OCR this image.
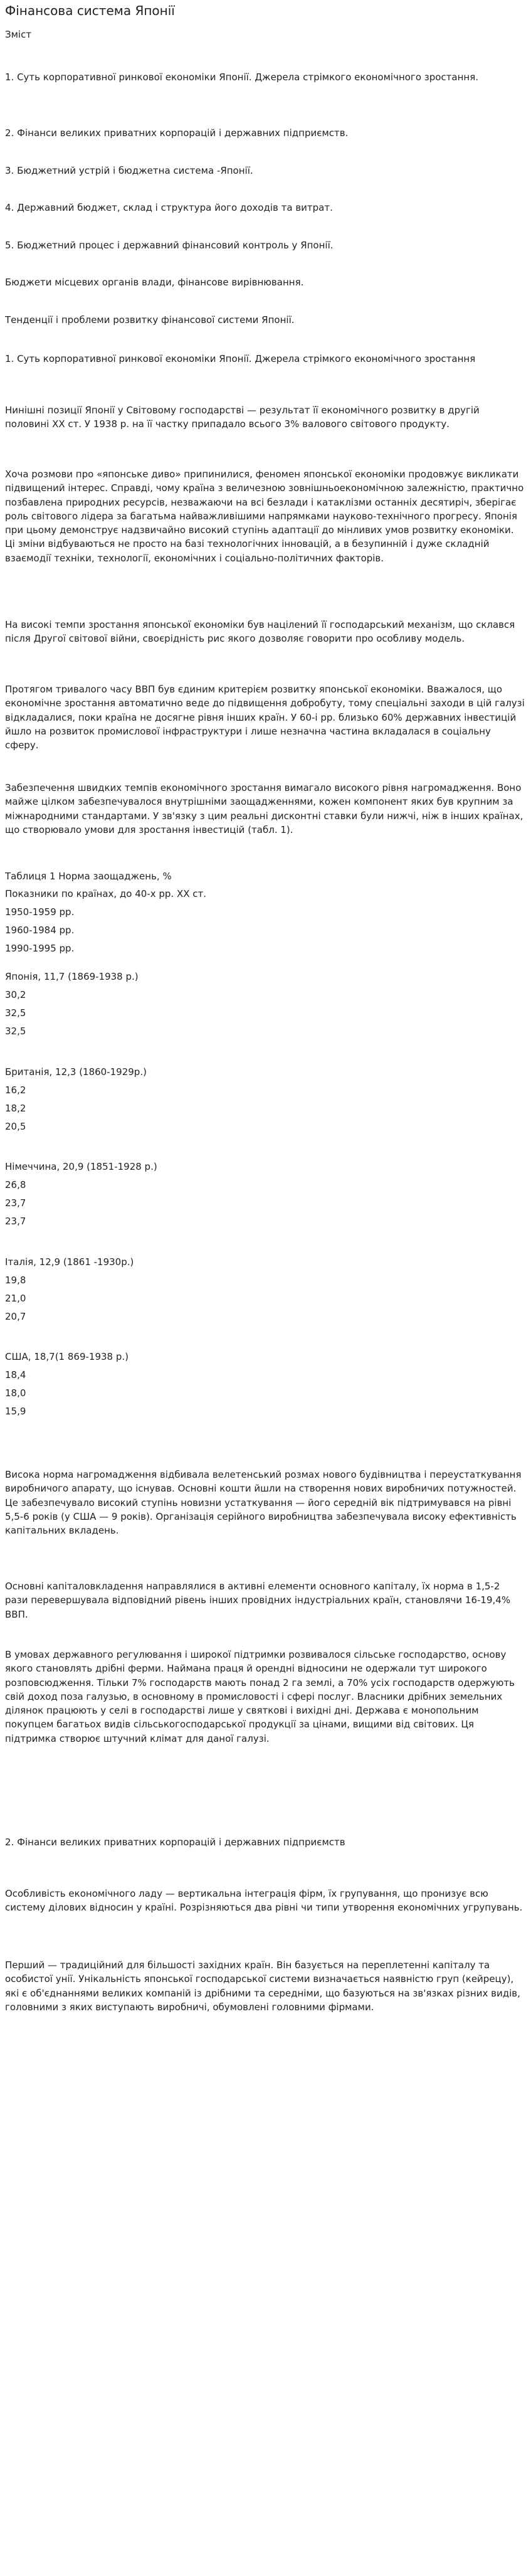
Фінансова система Японії
Зміст
1. Суть корпоративної ринкової економіки Японії. Джерела стрімкого економічного зростання.
2. Фінанси великих приватних корпорацій і державних підприємств.
3. Бюджетний устрій і бюджетна система -Японії.
4. Державний бюджет, склад і структура його доходів та витрат.
5. Бюджетний процес і державний фінансовий контроль у Японії.
Бюджети місцевих органів влади, фінансове вирівнювання.
Тенденції і проблеми розвитку фінансової системи Японії.
1. Суть корпоративної ринкової економіки Японії. Джерела стрімкого економічного зростання
Нинішні позиції Японії у Світовому господарстві — результат її економічного розвитку в другій половині XX ст. У 1938 р. на її частку припадало всього 3% валового світового продукту.
Хоча розмови про «японське диво» припинилися, феномен японської економіки продовжує викликати підвищений інтерес. Справді, чому країна з величезною зовнішньоекономічною залежністю, практично позбавлена природних ресурсів, незважаючи на всі безлади і катаклізми останніх десятиріч, зберігає роль світового лідера за багатьма найважливішими напрямками науково-технічного прогресу. Японія при цьому демонструє надзвичайно високий ступінь адаптації до мінливих умов розвитку економіки. Ці зміни відбуваються не просто на базі технологічних інновацій, а в безупинній і дуже складній взаємодії техніки, технології, економічних і соціально-політичних факторів.
На високі темпи зростання японської економіки був націлений її господарський механізм, що склався після Другої світової війни, своєрідність рис якого дозволяє говорити про особливу модель.
Протягом тривалого часу ВВП був єдиним критерієм розвитку японської економіки. Вважалося, що економічне зростання автоматично веде до підвищення добробуту, тому спеціальні заходи в цій галузі відкладалися, поки країна не досягне рівня інших країн. У 60-і рр. близько 60% державних інвестицій йшло на розвиток промислової інфраструктури і лише незначна частина вкладалася в соціальну сферу.
Забезпечення швидких темпів економічного зростання вимагало високого рівня нагромадження. Воно майже цілком забезпечувалося внутрішніми заощадженнями, кожен компонент яких був крупним за міжнародними стандартами. У зв'язку з цим реальні дисконтні ставки були нижчі, ніж в інших країнах, що створювало умови для зростання інвестицій (табл. 1).
Таблиця 1 Норма заощаджень, %
Показники по країнах, до 40-х рр. XX ст.
1950-1959 рр.
1960-1984 рр.
1990-1995 рр.
Японія, 11,7 (1869-1938 р.)
30,2
32,5
32,5
Британія, 12,3 (1860-1929р.)
16,2
18,2
20,5
Німеччина, 20,9 (1851-1928 р.)
26,8
23,7
23,7
Італія, 12,9 (1861 -1930р.)
19,8
21,0
20,7
США, 18,7(1 869-1938 р.)
18,4
18,0
15,9
Висока норма нагромадження відбивала велетенський розмах нового будівництва і переустаткування виробничого апарату, що існував. Основні кошти йшли на створення нових виробничих потужностей. Це забезпечувало високий ступінь новизни устаткування — його середній вік підтримувався на рівні 5,5-6 років (у США — 9 років). Організація серійного виробництва забезпечувала високу ефективність капітальних вкладень.
Основні капіталовкладення направлялися в активні елементи основного капіталу, їх норма в 1,5-2 рази перевершувала відповідний рівень інших провідних індустріальних країн, становлячи 16-19,4% ВВП.
В умовах державного регулювання і широкої підтримки розвивалося сільське господарство, основу якого становлять дрібні ферми. Наймана праця й орендні відносини не одержали тут широкого розповсюдження. Тільки 7% господарств мають понад 2 га землі, а 70% усіх господарств одержують свій доход поза галузью, в основному в промисловості і сфері послуг. Власники дрібних земельних ділянок працюють у селі в господарстві лише у святкові і вихідні дні. Держава є монопольним покупцем багатьох видів сільськогосподарської продукції за цінами, вищими від світових. Ця підтримка створює штучний клімат для даної галузі.
2. Фінанси великих приватних корпорацій і державних підприємств
Особливість економічного ладу — вертикальна інтеграція фірм, їх групування, що пронизує всю систему ділових відносин у країні. Розрізняються два рівні чи типи утворення економічних угрупувань.
Перший — традиційний для більшості західних країн. Він базується на переплетенні капіталу та особистої унії. Унікальність японської господарської системи визначається наявністю груп (кейрецу), які є об'єднаннями великих компаній із дрібними та середніми, що базуються на зв'язках різних видів, головними з яких виступають виробничі, обумовлені головними фірмами.
